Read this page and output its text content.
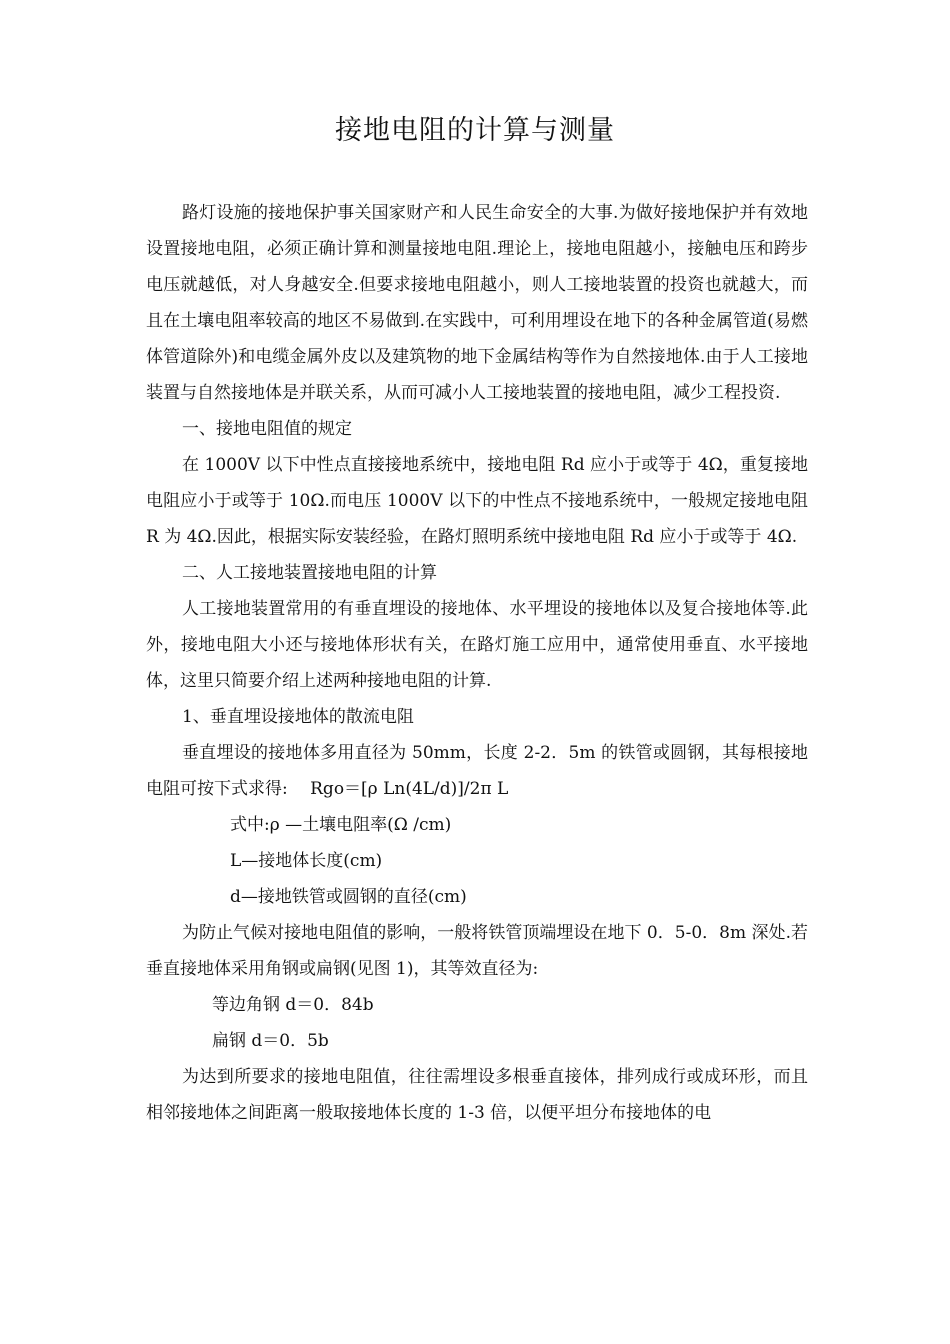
接地电阻的计算与测量

路灯设施的接地保护事关国家财产和人民生命安全的大事.为做好接地保护并有效地设置接地电阻，必须正确计算和测量接地电阻.理论上，接地电阻越小，接触电压和跨步电压就越低，对人身越安全.但要求接地电阻越小，则人工接地装置的投资也就越大，而且在土壤电阻率较高的地区不易做到.在实践中，可利用埋设在地下的各种金属管道(易燃体管道除外)和电缆金属外皮以及建筑物的地下金属结构等作为自然接地体.由于人工接地装置与自然接地体是并联关系，从而可减小人工接地装置的接地电阻，减少工程投资.

一、接地电阻值的规定

在 1000V 以下中性点直接接地系统中，接地电阻 Rd 应小于或等于 4Ω，重复接地电阻应小于或等于 10Ω.而电压 1000V 以下的中性点不接地系统中，一般规定接地电阻 R 为 4Ω.因此，根据实际安装经验，在路灯照明系统中接地电阻 Rd 应小于或等于 4Ω.

二、人工接地装置接地电阻的计算

人工接地装置常用的有垂直埋设的接地体、水平埋设的接地体以及复合接地体等.此外，接地电阻大小还与接地体形状有关，在路灯施工应用中，通常使用垂直、水平接地体，这里只简要介绍上述两种接地电阻的计算.

1、垂直埋设接地体的散流电阻

垂直埋设的接地体多用直径为 50mm，长度 2-2．5m 的铁管或圆钢，其每根接地电阻可按下式求得:　 Rgo＝[ρ Ln(4L/d)]/2π L

式中:ρ —土壤电阻率(Ω /cm)

L—接地体长度(cm)

d—接地铁管或圆钢的直径(cm)

为防止气候对接地电阻值的影响，一般将铁管顶端埋设在地下 0．5-0．8m 深处.若垂直接地体采用角钢或扁钢(见图 1)，其等效直径为:

等边角钢 d＝0．84b

扁钢 d＝0．5b

为达到所要求的接地电阻值，往往需埋设多根垂直接体，排列成行或成环形，而且相邻接地体之间距离一般取接地体长度的 1-3 倍，以便平坦分布接地体的电
